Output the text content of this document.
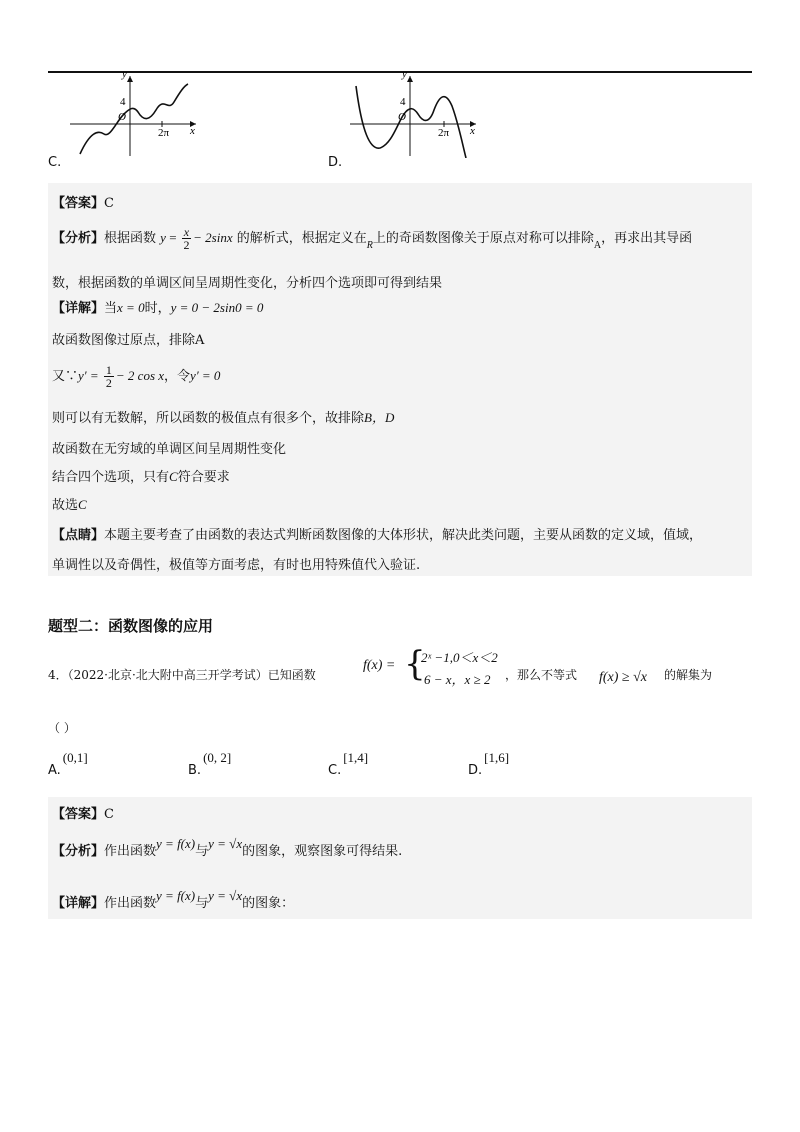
y
4
O
2π x
C.
y
4
O
2π x
D.
【答案】C
【分析】根据函数 $y = \frac{x}{2} - 2\sin x$ 的解析式，根据定义在$_R$上的奇函数图像关于原点对称可以排除$_A$，再求出其导函
数，根据函数的单调区间呈周期性变化，分析四个选项即可得到结果
【详解】当x = 0时，y = 0 − 2sin0 = 0
故函数图像过原点，排除A
又∵y′ = $\frac{1}{2} - 2$ cos x，令y′ = 0
则可以有无数解，所以函数的极值点有很多个，故排除B，D
故函数在无穷域的单调区间呈周期性变化
结合四个选项，只有C符合要求
故选C
【点睛】本题主要考查了由函数的表达式判断函数图像的大体形状，解决此类问题，主要从函数的定义域，值域，
单调性以及奇偶性，极值等方面考虑，有时也用特殊值代入验证.
题型二：函数图像的应用
4．（2022·北京·北大附中高三开学考试）已知函数
f(x) = {
2ˣ −1,0＜x＜2
6 − x，x ≥ 2 ，那么不等式 f(x) ≥ √x 的解集为
（ ）
A.(0,1]
B.(0, 2]
C.[1,4]
D.[1,6]
【答案】C
【分析】作出函数y = f(x)与y = √x的图象，观察图象可得结果.
【详解】作出函数y = f(x)与y = √x的图象：
